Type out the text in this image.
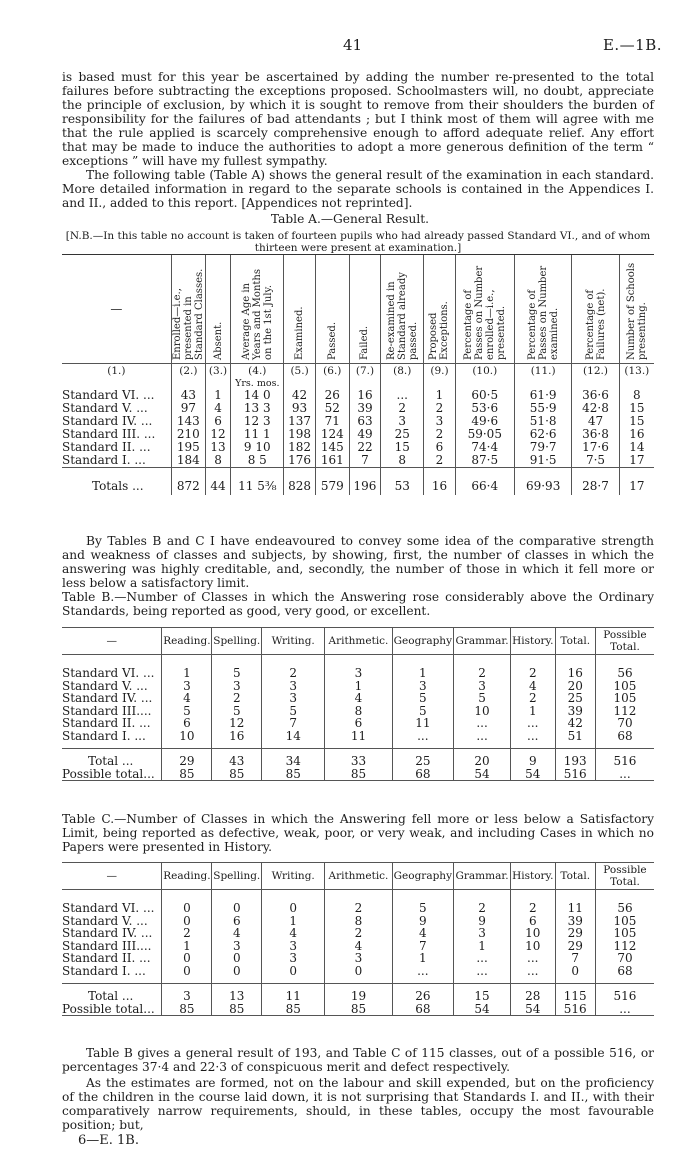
41	E.—1B.

is based must for this year be ascertained by adding the number re-presented to the total failures before subtracting the exceptions proposed. Schoolmasters will, no doubt, appreciate the principle of exclusion, by which it is sought to remove from their shoulders the burden of responsibility for the failures of bad attendants ; but I think most of them will agree with me that the rule applied is scarcely comprehensive enough to afford adequate relief. Any effort that may be made to induce the authorities to adopt a more generous definition of the term “ exceptions ” will have my fullest sympathy.

The following table (Table A) shows the general result of the examination in each standard. More detailed information in regard to the separate schools is contained in the Appendices I. and II., added to this report. [Appendices not reprinted].

Table A.—General Result.

[N.B.—In this table no account is taken of fourteen pupils who had already passed Standard VI., and of whom thirteen were present at examination.]

—	Enrolled—i.e., presented in Standard Classes.	Absent.	Average Age in Years and Months on the 1st July.	Examined.	Passed.	Failed.	Re-examined in Standard already passed.	Proposed Exceptions.	Percentage of Passes on Number enrolled—i.e., presented.	Percentage of Passes on Number examined.	Percentage of Failures (net).	Number of Schools presenting.
(1.)	(2.)	(3.)	(4.)	(5.)	(6.)	(7.)	(8.)	(9.)	(10.)	(11.)	(12.)	(13.)
			Yrs. mos.									
Standard VI. ...	43	1	14 0	42	26	16	...	1	60·5	61·9	36·6	8
Standard V. ...	97	4	13 3	93	52	39	2	2	53·6	55·9	42·8	15
Standard IV. ...	143	6	12 3	137	71	63	3	3	49·6	51·8	47	15
Standard III. ...	210	12	11 1	198	124	49	25	2	59·05	62·6	36·8	16
Standard II. ...	195	13	9 10	182	145	22	15	6	74·4	79·7	17·6	14
Standard I. ...	184	8	8 5	176	161	7	8	2	87·5	91·5	7·5	17
Totals ...	872	44	11 5⅜	828	579	196	53	16	66·4	69·93	28·7	17

By Tables B and C I have endeavoured to convey some idea of the comparative strength and weakness of classes and subjects, by showing, first, the number of classes in which the answering was highly creditable, and, secondly, the number of those in which it fell more or less below a satisfactory limit.

Table B.—Number of Classes in which the Answering rose considerably above the Ordinary Standards, being reported as good, very good, or excellent.

—	Reading.	Spelling.	Writing.	Arithmetic.	Geography	Grammar.	History.	Total.	Possible Total.

Standard VI. ...	1	5	2	3	1	2	2	16	56
Standard V. ...	3	3	3	1	3	3	4	20	105
Standard IV. ...	4	2	3	4	5	5	2	25	105
Standard III....	5	5	5	8	5	10	1	39	112
Standard II. ...	6	12	7	6	11	...	...	42	70
Standard I. ...	10	16	14	11	...	...	...	51	68

Total ...	29	43	34	33	25	20	9	193	516
Possible total...	85	85	85	85	68	54	54	516	...

Table C.—Number of Classes in which the Answering fell more or less below a Satisfactory Limit, being reported as defective, weak, poor, or very weak, and including Cases in which no Papers were presented in History.

—	Reading.	Spelling.	Writing.	Arithmetic.	Geography	Grammar.	History.	Total.	Possible Total.

Standard VI. ...	0	0	0	2	5	2	2	11	56
Standard V. ...	0	6	1	8	9	9	6	39	105
Standard IV. ...	2	4	4	2	4	3	10	29	105
Standard III....	1	3	3	4	7	1	10	29	112
Standard II. ...	0	0	3	3	1	...	...	7	70
Standard I. ...	0	0	0	0	...	...	...	0	68

Total ...	3	13	11	19	26	15	28	115	516
Possible total...	85	85	85	85	68	54	54	516	...

Table B gives a general result of 193, and Table C of 115 classes, out of a possible 516, or percentages 37·4 and 22·3 of conspicuous merit and defect respectively.

As the estimates are formed, not on the labour and skill expended, but on the proficiency of the children in the course laid down, it is not surprising that Standards I. and II., with their comparatively narrow requirements, should, in these tables, occupy the most favourable position; but,

6—E. 1B.
